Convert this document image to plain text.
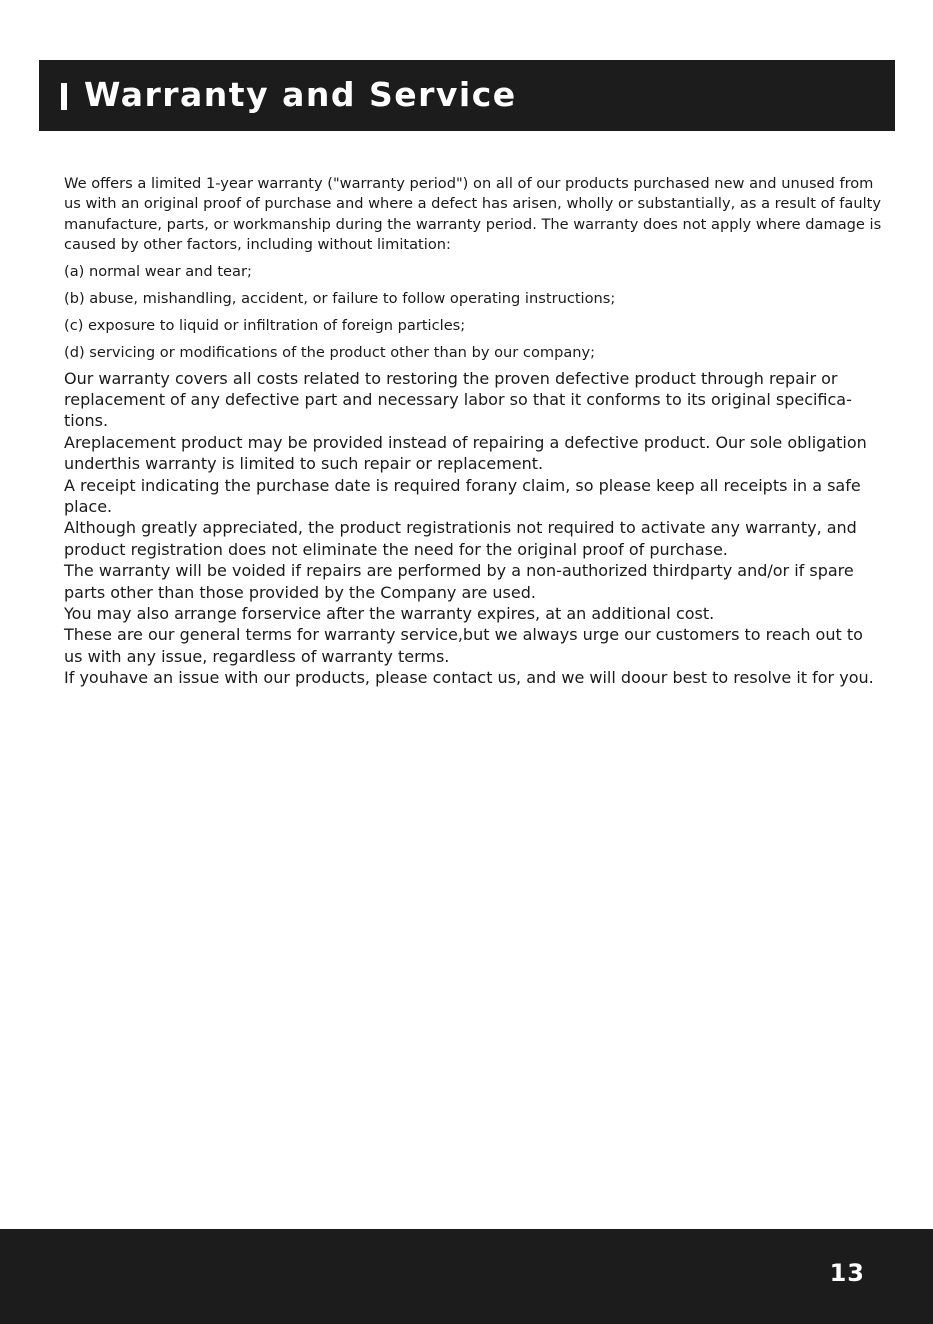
Warranty and Service

We offers a limited 1-year warranty ("warranty period") on all of our products purchased new and unused from us with an original proof of purchase and where a defect has arisen, wholly or substantially, as a result of faulty manufacture, parts, or workmanship during the warranty period. The warranty does not apply where damage is caused by other factors, including without limitation:

(a) normal wear and tear;

(b) abuse, mishandling, accident, or failure to follow operating instructions;

(c) exposure to liquid or infiltration of foreign particles;

(d) servicing or modifications of the product other than by our company;

Our warranty covers all costs related to restoring the proven defective product through repair or replacement of any defective part and necessary labor so that it conforms to its original specifica-tions.

Areplacement product may be provided instead of repairing a defective product. Our sole obligation underthis warranty is limited to such repair or replacement.

A receipt indicating the purchase date is required forany claim, so please keep all receipts in a safe place.

Although greatly appreciated, the product registrationis not required to activate any warranty, and product registration does not eliminate the need for the original proof of purchase.

The warranty will be voided if repairs are performed by a non-authorized thirdparty and/or if spare parts other than those provided by the Company are used.

You may also arrange forservice after the warranty expires, at an additional cost.

These are our general terms for warranty service,but we always urge our customers to reach out to us with any issue, regardless of warranty terms.

If youhave an issue with our products, please contact us, and we will doour best to resolve it for you.

13
